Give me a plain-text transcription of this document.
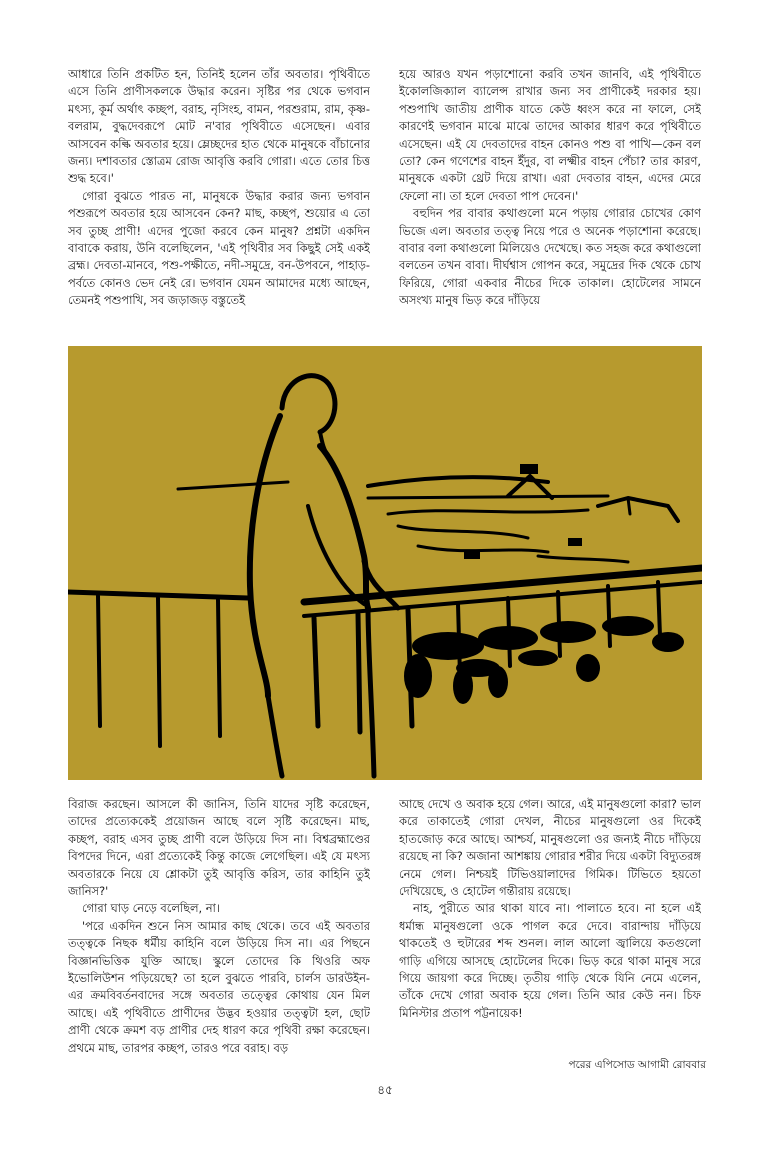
আধারে তিনি প্রকটিত হন, তিনিই হলেন তাঁর অবতার। পৃথিবীতে এসে তিনি প্রাণীসকলকে উদ্ধার করেন। সৃষ্টির পর থেকে ভগবান মৎস্য, কূর্ম অর্থাৎ কচ্ছপ, বরাহ, নৃসিংহ, বামন, পরশুরাম, রাম, কৃষ্ণ-বলরাম, বুদ্ধদেবরূপে মোট ন'বার পৃথিবীতে এসেছেন। এবার আসবেন কল্কি অবতার হয়ে। ম্লেচ্ছদের হাত থেকে মানুষকে বাঁচানোর জন্য। দশাবতার স্তোত্রম রোজ আবৃত্তি করবি গোরা। এতে তোর চিত্ত শুদ্ধ হবে।'

গোরা বুঝতে পারত না, মানুষকে উদ্ধার করার জন্য ভগবান পশুরূপে অবতার হয়ে আসবেন কেন? মাছ, কচ্ছপ, শুয়োর এ তো সব তুচ্ছ প্রাণী! এদের পুজো করবে কেন মানুষ? প্রশ্নটা একদিন বাবাকে করায়, উনি বলেছিলেন, 'এই পৃথিবীর সব কিছুই সেই একই ব্রহ্ম। দেবতা-মানবে, পশু-পক্ষীতে, নদী-সমুদ্রে, বন-উপবনে, পাহাড়-পর্বতে কোনও ভেদ নেই রে। ভগবান যেমন আমাদের মধ্যে আছেন, তেমনই পশুপাখি, সব জড়াজড় বস্তুতেই

হয়ে আরও যখন পড়াশোনো করবি তখন জানবি, এই পৃথিবীতে ইকোলজিক্যাল ব্যালেন্স রাখার জন্য সব প্রাণীকেই দরকার হয়। পশুপাখি জাতীয় প্রাণীক যাতে কেউ ধ্বংস করে না ফালে, সেই কারণেই ভগবান মাঝে মাঝে তাদের আকার ধারণ করে পৃথিবীতে এসেছেন। এই যে দেবতাদের বাহন কোনও পশু বা পাখি—কেন বল তো? কেন গণেশের বাহন ইঁদুর, বা লক্ষ্মীর বাহন পেঁচা? তার কারণ, মানুষকে একটা থ্রেট দিয়ে রাখা। এরা দেবতার বাহন, এদের মেরে ফেলো না। তা হলে দেবতা পাপ দেবেন।'

বহুদিন পর বাবার কথাগুলো মনে পড়ায় গোরার চোখের কোণ ভিজে এল। অবতার তত্ত্ব নিয়ে পরে ও অনেক পড়াশোনা করেছে। বাবার বলা কথাগুলো মিলিয়েও দেখেছে। কত সহজ করে কথাগুলো বলতেন তখন বাবা। দীর্ঘশ্বাস গোপন করে, সমুদ্রের দিক থেকে চোখ ফিরিয়ে, গোরা একবার নীচের দিকে তাকাল। হোটেলের সামনে অসংখ্য মানুষ ভিড় করে দাঁড়িয়ে

বিরাজ করছেন। আসলে কী জানিস, তিনি যাদের সৃষ্টি করেছেন, তাদের প্রত্যেককেই প্রয়োজন আছে বলে সৃষ্টি করেছেন। মাছ, কচ্ছপ, বরাহ এসব তুচ্ছ প্রাণী বলে উড়িয়ে দিস না। বিশ্বব্রহ্মাণ্ডের বিপদের দিনে, এরা প্রত্যেকেই কিন্তু কাজে লেগেছিল। এই যে মৎস্য অবতারকে নিয়ে যে শ্লোকটা তুই আবৃত্তি করিস, তার কাহিনি তুই জানিস?'

গোরা ঘাড় নেড়ে বলেছিল, না।

'পরে একদিন শুনে নিস আমার কাছ থেকে। তবে এই অবতার তত্ত্বকে নিছক ধর্মীয় কাহিনি বলে উড়িয়ে দিস না। এর পিছনে বিজ্ঞানভিত্তিক যুক্তি আছে। স্কুলে তোদের কি থিওরি অফ ইভোলিউশন পড়িয়েছে? তা হলে বুঝতে পারবি, চার্লস ডারউইন-এর ক্রমবিবর্তনবাদের সঙ্গে অবতার তত্ত্বের কোথায় যেন মিল আছে। এই পৃথিবীতে প্রাণীদের উদ্ভব হওয়ার তত্ত্বটা হল, ছোট প্রাণী থেকে ক্রমশ বড় প্রাণীর দেহ ধারণ করে পৃথিবী রক্ষা করেছেন। প্রথমে মাছ, তারপর কচ্ছপ, তারও পরে বরাহ। বড়

আছে দেখে ও অবাক হয়ে গেল। আরে, এই মানুষগুলো কারা? ভাল করে তাকাতেই গোরা দেখল, নীচের মানুষগুলো ওর দিকেই হাতজোড় করে আছে। আশ্চর্য, মানুষগুলো ওর জন্যই নীচে দাঁড়িয়ে রয়েছে না কি? অজানা আশঙ্কায় গোরার শরীর দিয়ে একটা বিদ্যুতরঙ্গ নেমে গেল। নিশ্চয়ই টিভিওয়ালাদের গিমিক। টিভিতে হয়তো দেখিয়েছে, ও হোটেল গন্তীরায় রয়েছে।

নাহ, পুরীতে আর থাকা যাবে না। পালাতে হবে। না হলে এই ধর্মান্ধ মানুষগুলো ওকে পাগল করে দেবে। বারান্দায় দাঁড়িয়ে থাকতেই ও হুটারের শব্দ শুনল। লাল আলো জ্বালিয়ে কতগুলো গাড়ি এগিয়ে আসছে হোটেলের দিকে। ভিড় করে থাকা মানুষ সরে গিয়ে জায়গা করে দিচ্ছে। তৃতীয় গাড়ি থেকে যিনি নেমে এলেন, তাঁকে দেখে গোরা অবাক হয়ে গেল। তিনি আর কেউ নন। চিফ মিনিস্টার প্রতাপ পট্টনায়েক!

পরের এপিসোড আগামী রোববার
৪৫
